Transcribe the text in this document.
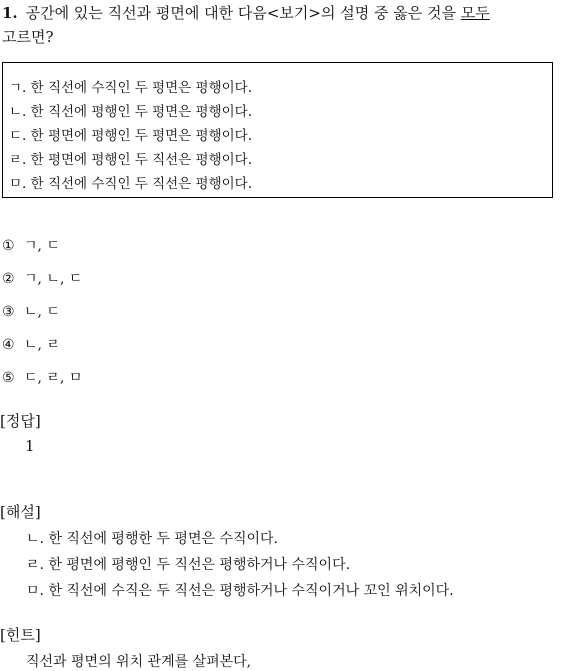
1. 공간에 있는 직선과 평면에 대한 다음<보기>의 설명 중 옳은 것을 모두
고르면?
ㄱ. 한 직선에 수직인 두 평면은 평행이다.
ㄴ. 한 직선에 평행인 두 평면은 평행이다.
ㄷ. 한 평면에 평행인 두 평면은 평행이다.
ㄹ. 한 평면에 평행인 두 직선은 평행이다.
ㅁ. 한 직선에 수직인 두 직선은 평행이다.
① ㄱ, ㄷ
② ㄱ, ㄴ, ㄷ
③ ㄴ, ㄷ
④ ㄴ, ㄹ
⑤ ㄷ, ㄹ, ㅁ
[정답]
1
[해설]
ㄴ. 한 직선에 평행한 두 평면은 수직이다.
ㄹ. 한 평면에 평행인 두 직선은 평행하거나 수직이다.
ㅁ. 한 직선에 수직은 두 직선은 평행하거나 수직이거나 꼬인 위치이다.
[힌트]
직선과 평면의 위치 관계를 살펴본다,
